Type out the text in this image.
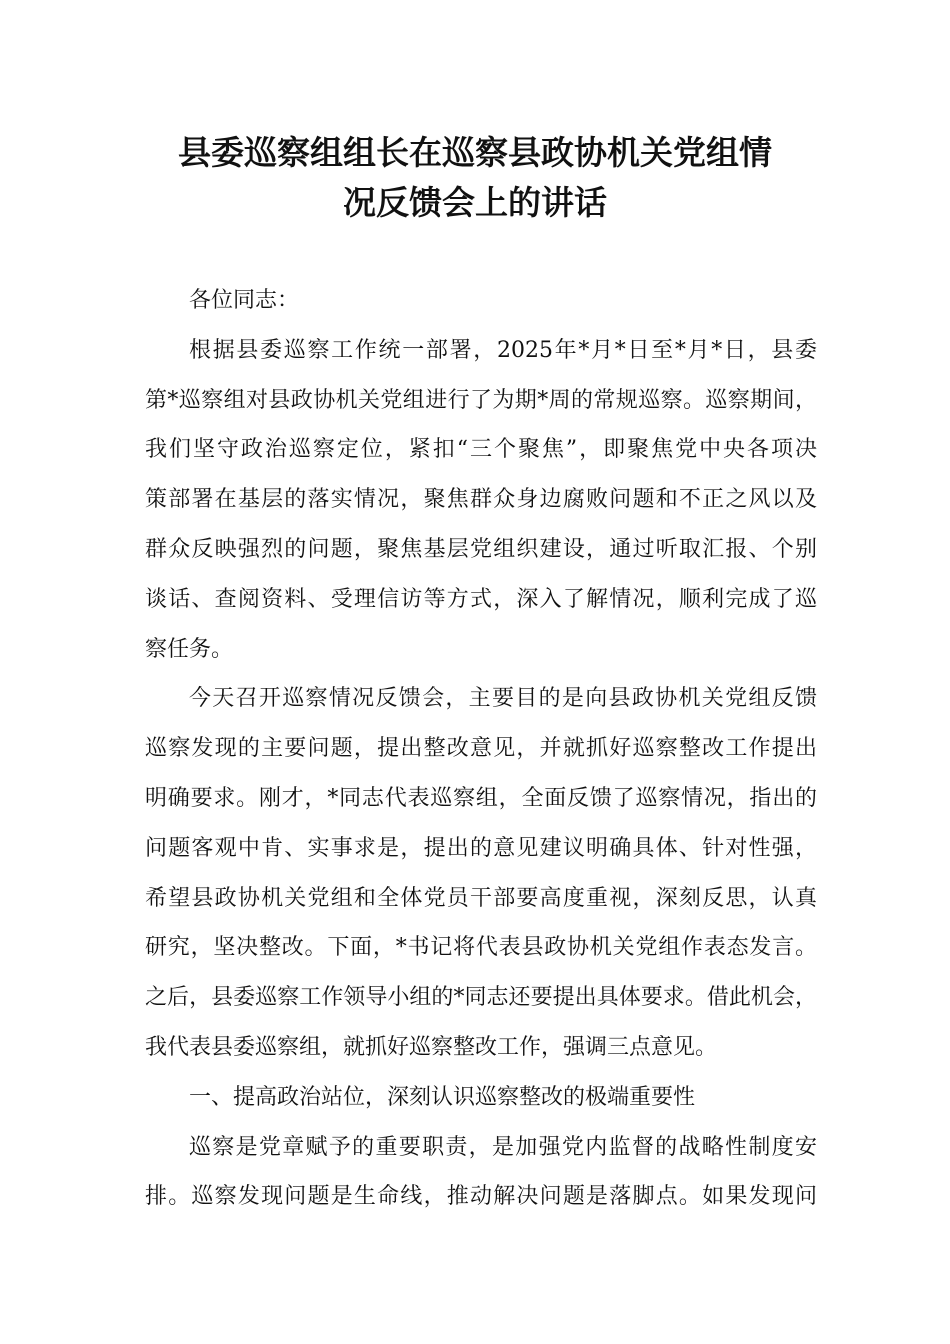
县委巡察组组长在巡察县政协机关党组情
况反馈会上的讲话
各位同志：
根据县委巡察工作统一部署，2025年*月*日至*月*日，县委
第*巡察组对县政协机关党组进行了为期*周的常规巡察。巡察期间，
我们坚守政治巡察定位，紧扣“三个聚焦”，即聚焦党中央各项决
策部署在基层的落实情况，聚焦群众身边腐败问题和不正之风以及
群众反映强烈的问题，聚焦基层党组织建设，通过听取汇报、个别
谈话、查阅资料、受理信访等方式，深入了解情况，顺利完成了巡
察任务。
今天召开巡察情况反馈会，主要目的是向县政协机关党组反馈
巡察发现的主要问题，提出整改意见，并就抓好巡察整改工作提出
明确要求。刚才，*同志代表巡察组，全面反馈了巡察情况，指出的
问题客观中肯、实事求是，提出的意见建议明确具体、针对性强，
希望县政协机关党组和全体党员干部要高度重视，深刻反思，认真
研究，坚决整改。下面，*书记将代表县政协机关党组作表态发言。
之后，县委巡察工作领导小组的*同志还要提出具体要求。借此机会，
我代表县委巡察组，就抓好巡察整改工作，强调三点意见。
一、提高政治站位，深刻认识巡察整改的极端重要性
巡察是党章赋予的重要职责，是加强党内监督的战略性制度安
排。巡察发现问题是生命线，推动解决问题是落脚点。如果发现问
